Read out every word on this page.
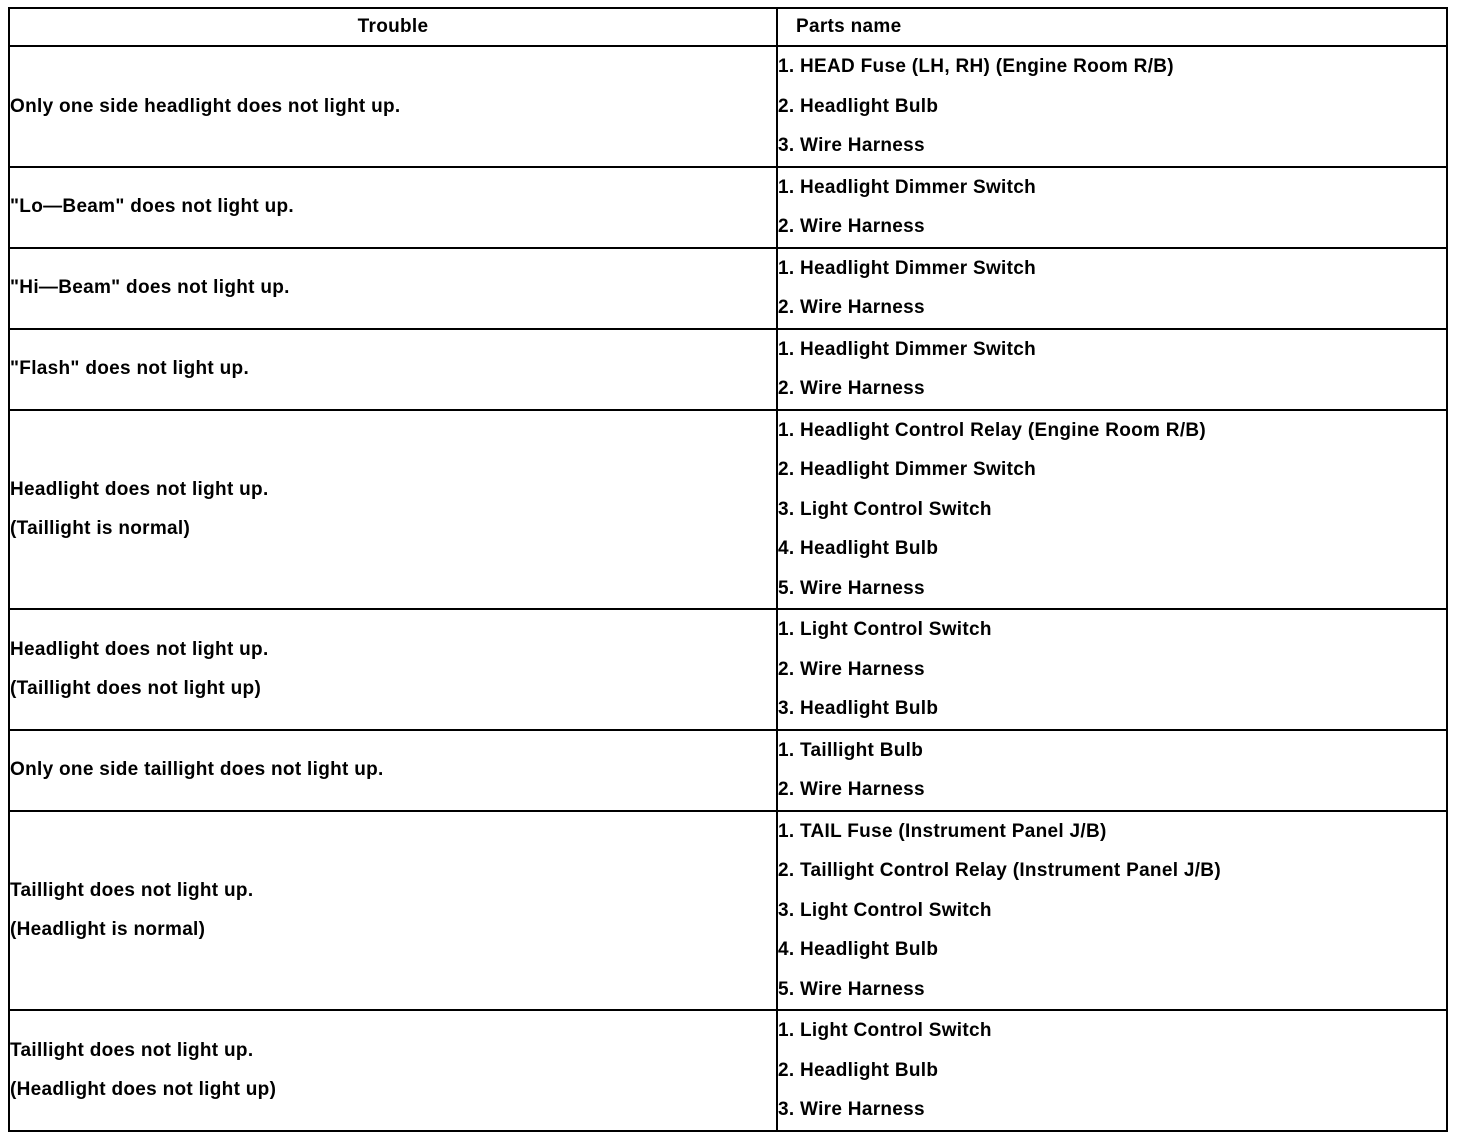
Trouble	Parts name

Only one side headlight does not light up.	1. HEAD Fuse (LH, RH) (Engine Room R/B)
2. Headlight Bulb
3. Wire Harness

"Lo—Beam" does not light up.	1. Headlight Dimmer Switch
2. Wire Harness

"Hi—Beam" does not light up.	1. Headlight Dimmer Switch
2. Wire Harness

"Flash" does not light up.	1. Headlight Dimmer Switch
2. Wire Harness

Headlight does not light up.
(Taillight is normal)	1. Headlight Control Relay (Engine Room R/B)
2. Headlight Dimmer Switch
3. Light Control Switch
4. Headlight Bulb
5. Wire Harness

Headlight does not light up.
(Taillight does not light up)	1. Light Control Switch
2. Wire Harness
3. Headlight Bulb

Only one side taillight does not light up.	1. Taillight Bulb
2. Wire Harness

Taillight does not light up.
(Headlight is normal)	1. TAIL Fuse (Instrument Panel J/B)
2. Taillight Control Relay (Instrument Panel J/B)
3. Light Control Switch
4. Headlight Bulb
5. Wire Harness

Taillight does not light up.
(Headlight does not light up)	1. Light Control Switch
2. Headlight Bulb
3. Wire Harness
